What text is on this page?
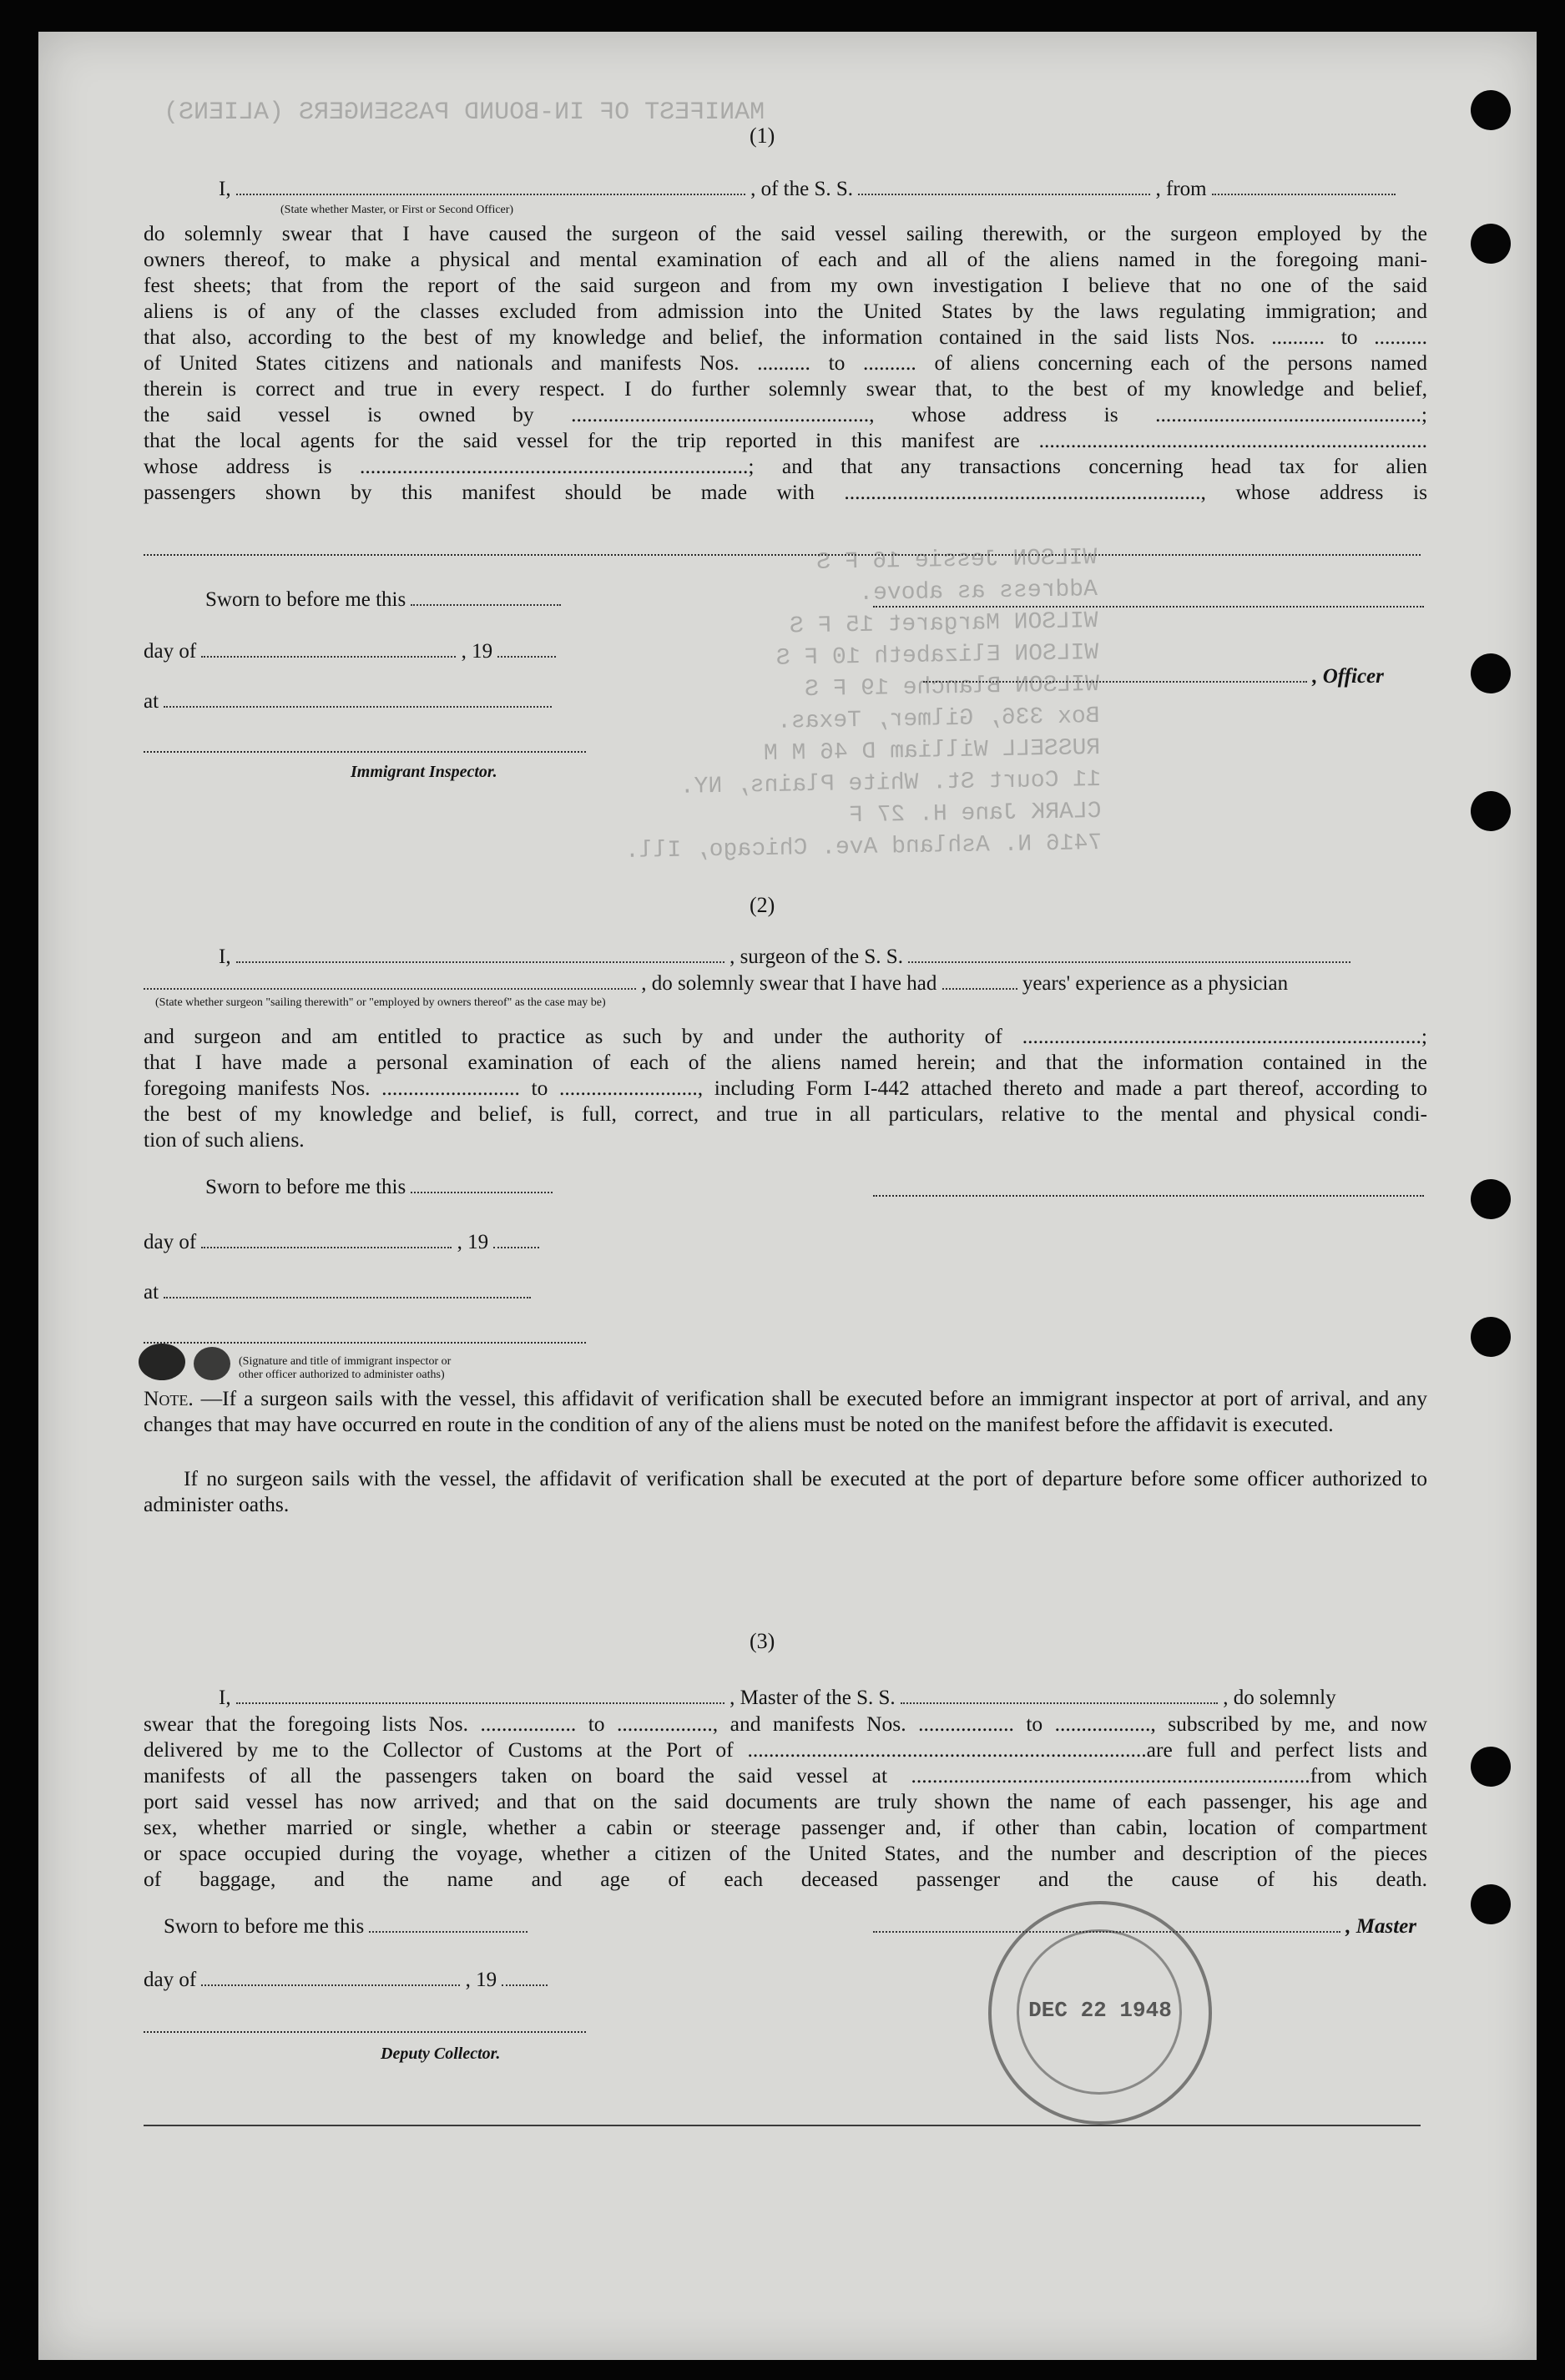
WILSON Jessie 16 F S
Address as above.
WILSON Margaret 15 F S
WILSON Elizabeth 10 F S
WILSON Blanche 19 F S
Box 336, Gilmer, Texas.
RUSSELL William D 46 M M
11 Court St. White Plains, NY.
CLARK Jane H. 27 F
7416 N. Ashland Ave. Chicago, Ill.
MANIFEST OF IN-BOUND PASSENGERS (ALIENS)
(1)
I,	, of the S. S.	, from
(State whether Master, or First or Second Officer)

do solemnly swear that I have caused the surgeon of the said vessel sailing therewith, or the surgeon employed by the

owners thereof, to make a physical and mental examination of each and all of the aliens named in the foregoing mani-

fest sheets; that from the report of the said surgeon and from my own investigation I believe that no one of the said

aliens is of any of the classes excluded from admission into the United States by the laws regulating immigration; and

that also, according to the best of my knowledge and belief, the information contained in the said lists Nos. .......... to ..........

of United States citizens and nationals and manifests Nos. .......... to .......... of aliens concerning each of the persons named

therein is correct and true in every respect. I do further solemnly swear that, to the best of my knowledge and belief,

the said vessel is owned by ........................................................, whose address is ..................................................;

that the local agents for the said vessel for the trip reported in this manifest are .........................................................................

whose address is .........................................................................; and that any transactions concerning head tax for alien

passengers shown by this manifest should be made with ..................................................................., whose address is

Sworn to before me this
day of	, 19
at
, Officer
Immigrant Inspector.
(2)
I,	, surgeon of the S. S.
, do solemnly swear that I have had	years' experience as a physician
(State whether surgeon "sailing therewith" or "employed by owners thereof" as the case may be)

and surgeon and am entitled to practice as such by and under the authority of ...........................................................................;

that I have made a personal examination of each of the aliens named herein; and that the information contained in the

foregoing manifests Nos. .......................... to .........................., including Form I-442 attached thereto and made a part thereof, according to

the best of my knowledge and belief, is full, correct, and true in all particulars, relative to the mental and physical condi-

tion of such aliens.

Sworn to before me this
day of	, 19
at
(Signature and title of immigrant inspector or
other officer authorized to administer oaths)
Note. —If a surgeon sails with the vessel, this affidavit of verification shall be executed before an immigrant inspector at port of arrival, and any changes that may have occurred en route in the condition of any of the aliens must be noted on the manifest before the affidavit is executed.
If no surgeon sails with the vessel, the affidavit of verification shall be executed at the port of departure before some officer authorized to administer oaths.
(3)
I,	, Master of the S. S.	, do solemnly

swear that the foregoing lists Nos. .................. to .................., and manifests Nos. .................. to .................., subscribed by me, and now

delivered by me to the Collector of Customs at the Port of ...........................................................................are full and perfect lists and

manifests of all the passengers taken on board the said vessel at ...........................................................................from which

port said vessel has now arrived; and that on the said documents are truly shown the name of each passenger, his age and

sex, whether married or single, whether a cabin or steerage passenger and, if other than cabin, location of compartment

or space occupied during the voyage, whether a citizen of the United States, and the number and description of the pieces

of baggage, and the name and age of each deceased passenger and the cause of his death.

Sworn to before me this	, Master
day of	, 19
Deputy Collector.
DEC 22 1948
